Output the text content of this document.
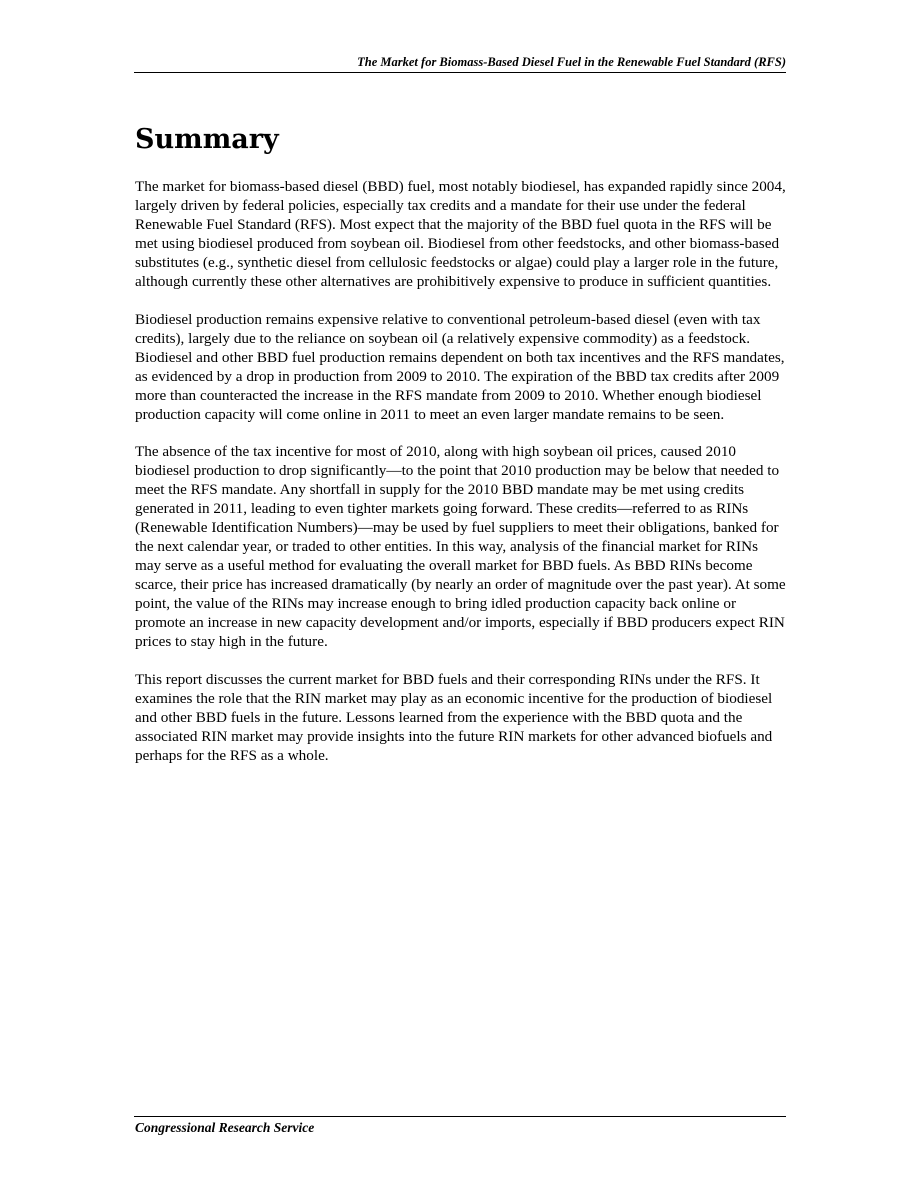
The Market for Biomass-Based Diesel Fuel in the Renewable Fuel Standard (RFS)
Summary

The market for biomass-based diesel (BBD) fuel, most notably biodiesel, has expanded rapidly since 2004, largely driven by federal policies, especially tax credits and a mandate for their use under the federal Renewable Fuel Standard (RFS). Most expect that the majority of the BBD fuel quota in the RFS will be met using biodiesel produced from soybean oil. Biodiesel from other feedstocks, and other biomass-based substitutes (e.g., synthetic diesel from cellulosic feedstocks or algae) could play a larger role in the future, although currently these other alternatives are prohibitively expensive to produce in sufficient quantities.

Biodiesel production remains expensive relative to conventional petroleum-based diesel (even with tax credits), largely due to the reliance on soybean oil (a relatively expensive commodity) as a feedstock. Biodiesel and other BBD fuel production remains dependent on both tax incentives and the RFS mandates, as evidenced by a drop in production from 2009 to 2010. The expiration of the BBD tax credits after 2009 more than counteracted the increase in the RFS mandate from 2009 to 2010. Whether enough biodiesel production capacity will come online in 2011 to meet an even larger mandate remains to be seen.

The absence of the tax incentive for most of 2010, along with high soybean oil prices, caused 2010 biodiesel production to drop significantly—to the point that 2010 production may be below that needed to meet the RFS mandate. Any shortfall in supply for the 2010 BBD mandate may be met using credits generated in 2011, leading to even tighter markets going forward. These credits—referred to as RINs (Renewable Identification Numbers)—may be used by fuel suppliers to meet their obligations, banked for the next calendar year, or traded to other entities. In this way, analysis of the financial market for RINs may serve as a useful method for evaluating the overall market for BBD fuels. As BBD RINs become scarce, their price has increased dramatically (by nearly an order of magnitude over the past year). At some point, the value of the RINs may increase enough to bring idled production capacity back online or promote an increase in new capacity development and/or imports, especially if BBD producers expect RIN prices to stay high in the future.

This report discusses the current market for BBD fuels and their corresponding RINs under the RFS. It examines the role that the RIN market may play as an economic incentive for the production of biodiesel and other BBD fuels in the future. Lessons learned from the experience with the BBD quota and the associated RIN market may provide insights into the future RIN markets for other advanced biofuels and perhaps for the RFS as a whole.

Congressional Research Service
